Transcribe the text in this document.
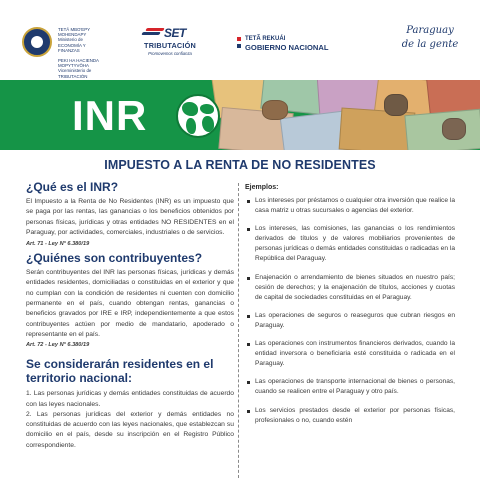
TETÃ MBO'EPY
MOHENDAPY
Ministerio de
ECONOMÍA Y
FINANZAS
PEKI HA HACIENDA
MOPYTYVÕHA
Viceministerio de
TRIBUTACIÓN
SET
TRIBUTACIÓN
Promovemos confianza
TETÃ REKUÁI
GOBIERNO NACIONAL
Paraguay
de la gente
INR
IMPUESTO A LA RENTA DE NO RESIDENTES
¿Qué es el INR?

El Impuesto a la Renta de No Residentes (INR) es un impuesto que se paga por las rentas, las ganancias o los beneficios obtenidos por personas físicas, jurídicas y otras entidades NO RESIDENTES en el Paraguay, por actividades, comerciales, industriales o de servicios.

Art. 71 - Ley N° 6.380/19
¿Quiénes son contribuyentes?

Serán contribuyentes del INR las personas físicas, jurídicas y demás entidades residentes, domiciliadas o constituidas en el exterior y que no cumplan con la condición de residentes ni cuenten con domicilio permanente en el país, cuando obtengan rentas, ganancias o beneficios gravados por IRE e IRP, independientemente a que estos contribuyentes actúen por medio de mandatario, apoderado o representante en el país.

Art. 72 - Ley N° 6.380/19
Se considerarán residentes en el territorio nacional:

1. Las personas jurídicas y demás entidades constituidas de acuerdo con las leyes nacionales.

2. Las personas jurídicas del exterior y demás entidades no constituidas de acuerdo con las leyes nacionales, que establezcan su domicilio en el país, desde su inscripción en el Registro Público correspondiente.

Ejemplos:
Los intereses por préstamos o cualquier otra inversión que realice la casa matriz u otras sucursales o agencias del exterior.
Los intereses, las comisiones, las ganancias o los rendimientos derivados de títulos y de valores mobiliarios provenientes de personas jurídicas o demás entidades constituidas o radicadas en la República del Paraguay.
Enajenación o arrendamiento de bienes situados en nuestro país; cesión de derechos; y la enajenación de títulos, acciones y cuotas de capital de sociedades constituidas en el Paraguay.
Las operaciones de seguros o reaseguros que cubran riesgos en Paraguay.
Las operaciones con instrumentos financieros derivados, cuando la entidad inversora o beneficiaria esté constituida o radicada en el Paraguay.
Las operaciones de transporte internacional de bienes o personas, cuando se realicen entre el Paraguay y otro país.
Los servicios prestados desde el exterior por personas físicas, profesionales o no, cuando estén
